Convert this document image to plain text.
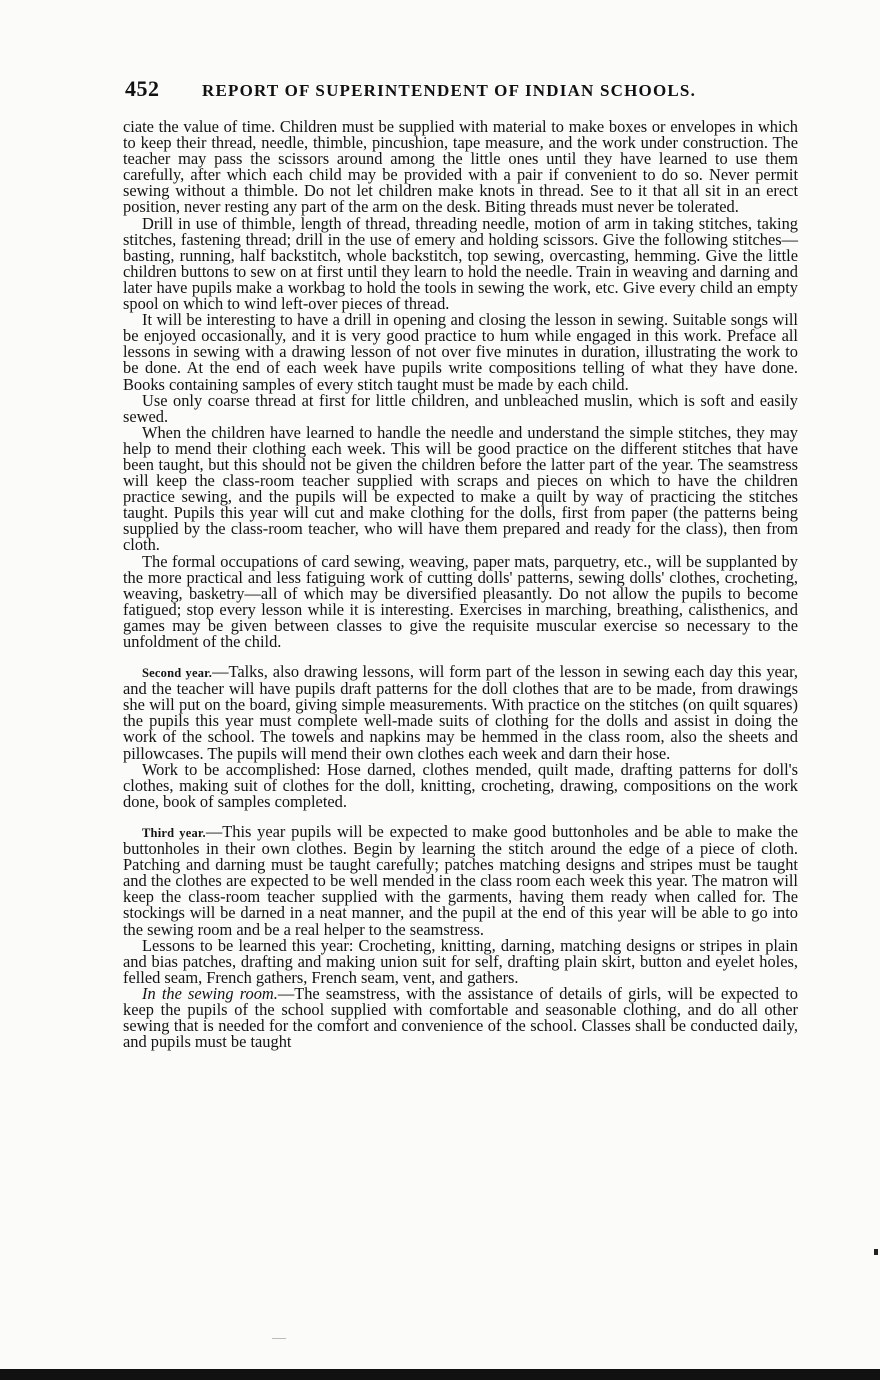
452	REPORT OF SUPERINTENDENT OF INDIAN SCHOOLS.

ciate the value of time. Children must be supplied with material to make boxes or envelopes in which to keep their thread, needle, thimble, pincushion, tape measure, and the work under construction. The teacher may pass the scissors around among the little ones until they have learned to use them carefully, after which each child may be provided with a pair if convenient to do so. Never permit sewing without a thimble. Do not let children make knots in thread. See to it that all sit in an erect position, never resting any part of the arm on the desk. Biting threads must never be tolerated.

Drill in use of thimble, length of thread, threading needle, motion of arm in taking stitches, taking stitches, fastening thread; drill in the use of emery and holding scissors. Give the following stitches—basting, running, half backstitch, whole backstitch, top sewing, overcasting, hemming. Give the little children buttons to sew on at first until they learn to hold the needle. Train in weaving and darning and later have pupils make a workbag to hold the tools in sewing the work, etc. Give every child an empty spool on which to wind left-over pieces of thread.

It will be interesting to have a drill in opening and closing the lesson in sewing. Suitable songs will be enjoyed occasionally, and it is very good practice to hum while engaged in this work. Preface all lessons in sewing with a drawing lesson of not over five minutes in duration, illustrating the work to be done. At the end of each week have pupils write compositions telling of what they have done. Books containing samples of every stitch taught must be made by each child.

Use only coarse thread at first for little children, and unbleached muslin, which is soft and easily sewed.

When the children have learned to handle the needle and understand the simple stitches, they may help to mend their clothing each week. This will be good practice on the different stitches that have been taught, but this should not be given the children before the latter part of the year. The seamstress will keep the class-room teacher supplied with scraps and pieces on which to have the children practice sewing, and the pupils will be expected to make a quilt by way of practicing the stitches taught. Pupils this year will cut and make clothing for the dolls, first from paper (the patterns being supplied by the class-room teacher, who will have them prepared and ready for the class), then from cloth.

The formal occupations of card sewing, weaving, paper mats, parquetry, etc., will be supplanted by the more practical and less fatiguing work of cutting dolls' patterns, sewing dolls' clothes, crocheting, weaving, basketry—all of which may be diversified pleasantly. Do not allow the pupils to become fatigued; stop every lesson while it is interesting. Exercises in marching, breathing, calisthenics, and games may be given between classes to give the requisite muscular exercise so necessary to the unfoldment of the child.

Second year.—Talks, also drawing lessons, will form part of the lesson in sewing each day this year, and the teacher will have pupils draft patterns for the doll clothes that are to be made, from drawings she will put on the board, giving simple measurements. With practice on the stitches (on quilt squares) the pupils this year must complete well-made suits of clothing for the dolls and assist in doing the work of the school. The towels and napkins may be hemmed in the class room, also the sheets and pillowcases. The pupils will mend their own clothes each week and darn their hose.

Work to be accomplished: Hose darned, clothes mended, quilt made, drafting patterns for doll's clothes, making suit of clothes for the doll, knitting, crocheting, drawing, compositions on the work done, book of samples completed.

Third year.—This year pupils will be expected to make good buttonholes and be able to make the buttonholes in their own clothes. Begin by learning the stitch around the edge of a piece of cloth. Patching and darning must be taught carefully; patches matching designs and stripes must be taught and the clothes are expected to be well mended in the class room each week this year. The matron will keep the class-room teacher supplied with the garments, having them ready when called for. The stockings will be darned in a neat manner, and the pupil at the end of this year will be able to go into the sewing room and be a real helper to the seamstress.

Lessons to be learned this year: Crocheting, knitting, darning, matching designs or stripes in plain and bias patches, drafting and making union suit for self, drafting plain skirt, button and eyelet holes, felled seam, French gathers, French seam, vent, and gathers.

In the sewing room.—The seamstress, with the assistance of details of girls, will be expected to keep the pupils of the school supplied with comfortable and seasonable clothing, and do all other sewing that is needed for the comfort and convenience of the school. Classes shall be conducted daily, and pupils must be taught
